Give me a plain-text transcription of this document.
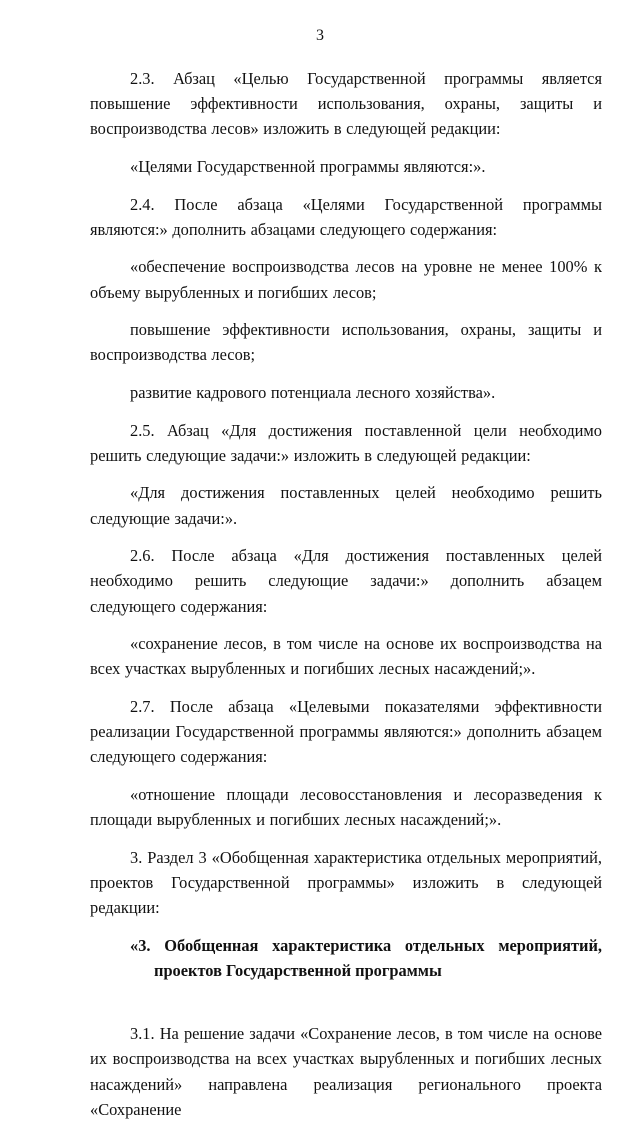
3

2.3. Абзац «Целью Государственной программы является повышение эффективности использования, охраны, защиты и воспроизводства лесов» изложить в следующей редакции:

«Целями Государственной программы являются:».

2.4. После абзаца «Целями Государственной программы являются:» дополнить абзацами следующего содержания:

«обеспечение воспроизводства лесов на уровне не менее 100% к объему вырубленных и погибших лесов;

повышение эффективности использования, охраны, защиты и воспроизводства лесов;

развитие кадрового потенциала лесного хозяйства».

2.5. Абзац «Для достижения поставленной цели необходимо решить следующие задачи:» изложить в следующей редакции:

«Для достижения поставленных целей необходимо решить следующие задачи:».

2.6. После абзаца «Для достижения поставленных целей необходимо решить следующие задачи:» дополнить абзацем следующего содержания:

«сохранение лесов, в том числе на основе их воспроизводства на всех участках вырубленных и погибших лесных насаждений;».

2.7. После абзаца «Целевыми показателями эффективности реализации Государственной программы являются:» дополнить абзацем следующего содержания:

«отношение площади лесовосстановления и лесоразведения к площади вырубленных и погибших лесных насаждений;».

3. Раздел 3 «Обобщенная характеристика отдельных мероприятий, проектов Государственной программы» изложить в следующей редакции:

«3. Обобщенная характеристика отдельных мероприятий,
проектов Государственной программы

3.1. На решение задачи «Сохранение лесов, в том числе на основе их воспроизводства на всех участках вырубленных и погибших лесных насаждений» направлена реализация регионального проекта «Сохранение
